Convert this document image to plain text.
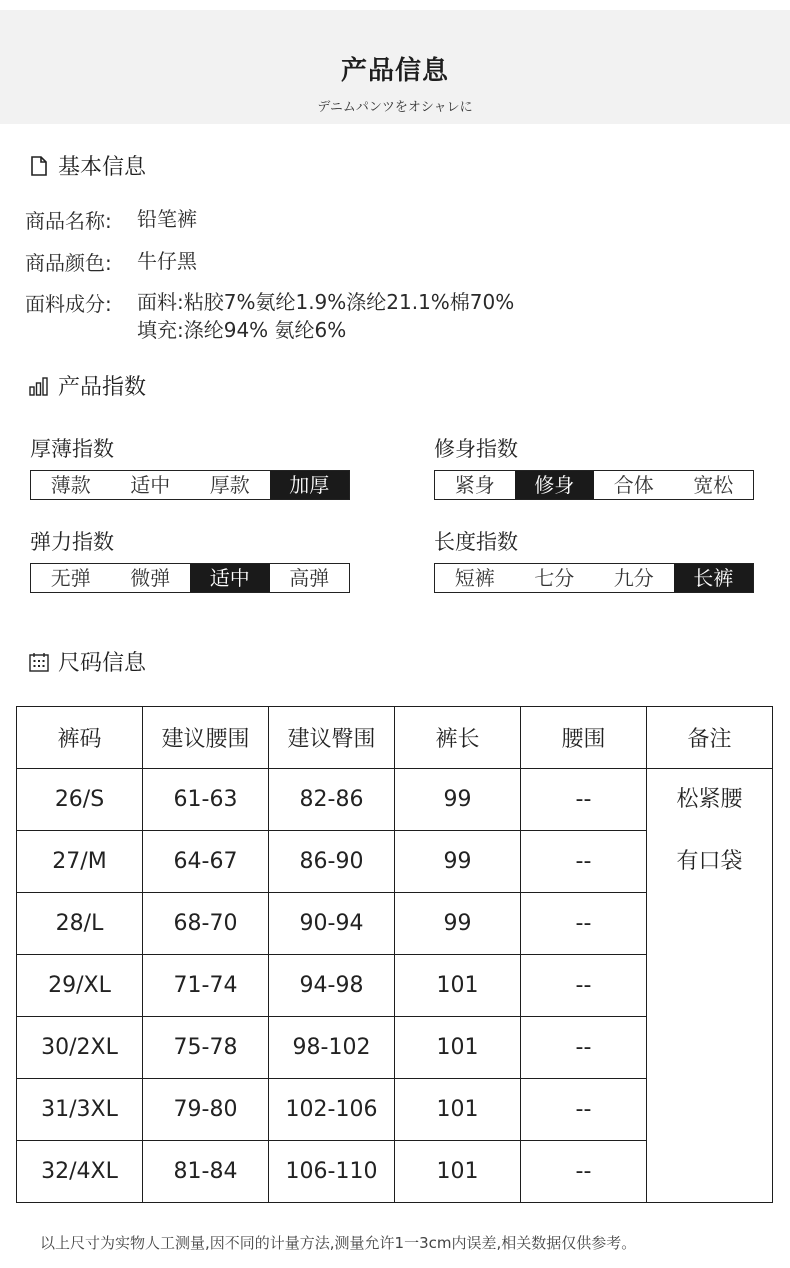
产品信息
デニムパンツをオシャレに
基本信息
商品名称:	铅笔裤
商品颜色:	牛仔黑
面料成分:	面料:粘胶7%氨纶1.9%涤纶21.1%棉70%
填充:涤纶94% 氨纶6%
产品指数
厚薄指数
薄款	适中	厚款	加厚
修身指数
紧身	修身	合体	宽松
弹力指数
无弹	微弹	适中	高弹
长度指数
短裤	七分	九分	长裤
尺码信息
裤码	建议腰围	建议臀围	裤长	腰围	备注
26/S	61-63	82-86	99	--	松紧腰
有口袋

27/M	64-67	86-90	99	--	
28/L	68-70	90-94	99	--	
29/XL	71-74	94-98	101	--	
30/2XL	75-78	98-102	101	--	
31/3XL	79-80	102-106	101	--	
32/4XL	81-84	106-110	101	--	
以上尺寸为实物人工测量,因不同的计量方法,测量允许1一3cm内误差,相关数据仅供参考。
